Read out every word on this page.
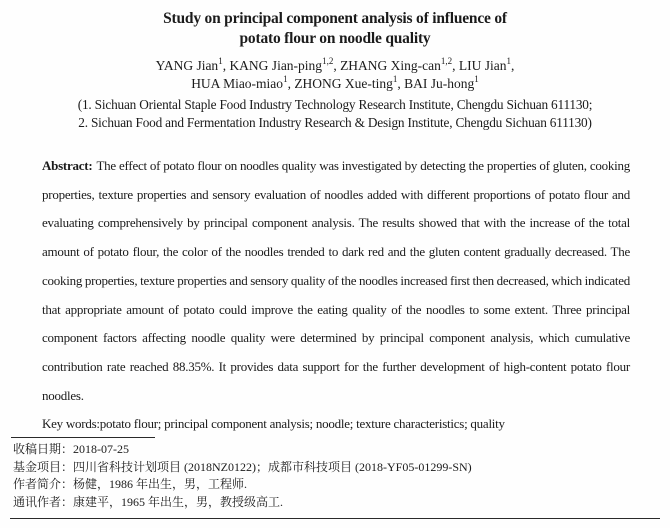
Study on principal component analysis of influence of
potato flour on noodle quality
YANG Jian$^1$, KANG Jian-ping$^{1,2}$, ZHANG Xing-can$^{1,2}$, LIU Jian$^1$,
HUA Miao-miao$^1$, ZHONG Xue-ting$^1$, BAI Ju-hong$^1$
(1. Sichuan Oriental Staple Food Industry Technology Research Institute, Chengdu Sichuan 611130;
2. Sichuan Food and Fermentation Industry Research & Design Institute, Chengdu Sichuan 611130)

Abstract: The effect of potato flour on noodles quality was investigated by detecting the properties of gluten, cooking properties, texture properties and sensory evaluation of noodles added with different proportions of potato flour and evaluating comprehensively by principal component analysis. The results showed that with the increase of the total amount of potato flour, the color of the noodles trended to dark red and the gluten content gradually decreased. The cooking properties, texture properties and sensory quality of the noodles increased first then decreased, which indicated that appropriate amount of potato could improve the eating quality of the noodles to some extent. Three principal component factors affecting noodle quality were determined by principal component analysis, which cumulative contribution rate reached 88.35%. It provides data support for the further development of high-content potato flour noodles.

Key words:potato flour; principal component analysis; noodle; texture characteristics; quality

收稿日期：2018-07-25
基金项目：四川省科技计划项目 (2018NZ0122)；成都市科技项目 (2018-YF05-01299-SN)
作者简介：杨健，1986 年出生，男，工程师.
通讯作者：康建平，1965 年出生，男，教授级高工.
